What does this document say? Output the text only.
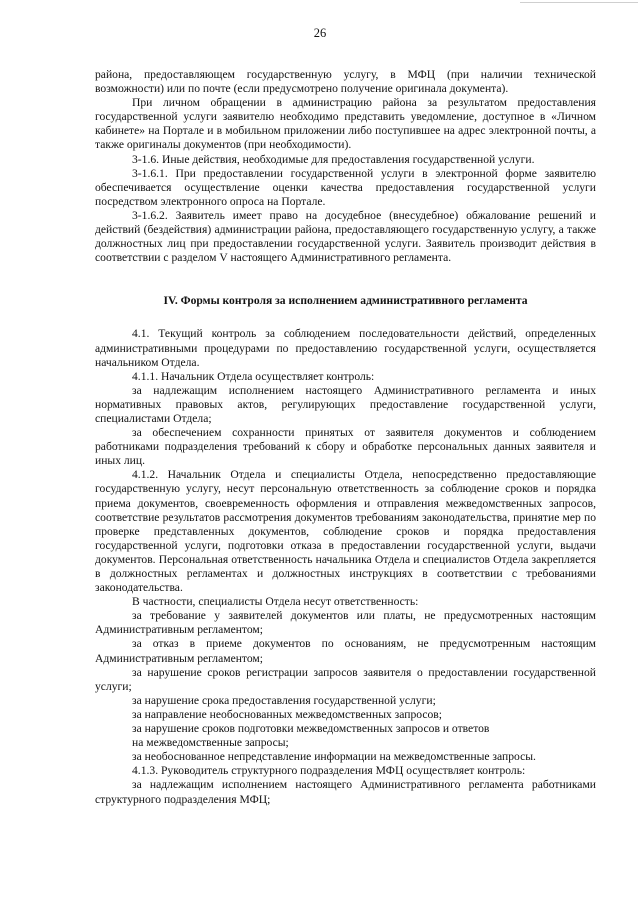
26

района, предоставляющем государственную услугу, в МФЦ (при наличии технической возможности) или по почте (если предусмотрено получение оригинала документа).

При личном обращении в администрацию района за результатом предоставления государственной услуги заявителю необходимо представить уведомление, доступное в «Личном кабинете» на Портале и в мобильном приложении либо поступившее на адрес электронной почты, а также оригиналы документов (при необходимости).

3-1.6. Иные действия, необходимые для предоставления государственной услуги.

3-1.6.1. При предоставлении государственной услуги в электронной форме заявителю обеспечивается осуществление оценки качества предоставления государственной услуги посредством электронного опроса на Портале.

3-1.6.2. Заявитель имеет право на досудебное (внесудебное) обжалование решений и действий (бездействия) администрации района, предоставляющего государственную услугу, а также должностных лиц при предоставлении государственной услуги. Заявитель производит действия в соответствии с разделом V настоящего Административного регламента.

IV. Формы контроля за исполнением административного регламента

4.1. Текущий контроль за соблюдением последовательности действий, определенных административными процедурами по предоставлению государственной услуги, осуществляется начальником Отдела.

4.1.1. Начальник Отдела осуществляет контроль:

за надлежащим исполнением настоящего Административного регламента и иных нормативных правовых актов, регулирующих предоставление государственной услуги, специалистами Отдела;

за обеспечением сохранности принятых от заявителя документов и соблюдением работниками подразделения требований к сбору и обработке персональных данных заявителя и иных лиц.

4.1.2. Начальник Отдела и специалисты Отдела, непосредственно предоставляющие государственную услугу, несут персональную ответственность за соблюдение сроков и порядка приема документов, своевременность оформления и отправления межведомственных запросов, соответствие результатов рассмотрения документов требованиям законодательства, принятие мер по проверке представленных документов, соблюдение сроков и порядка предоставления государственной услуги, подготовки отказа в предоставлении государственной услуги, выдачи документов. Персональная ответственность начальника Отдела и специалистов Отдела закрепляется в должностных регламентах и должностных инструкциях в соответствии с требованиями законодательства.

В частности, специалисты Отдела несут ответственность:

за требование у заявителей документов или платы, не предусмотренных настоящим Административным регламентом;

за отказ в приеме документов по основаниям, не предусмотренным настоящим Административным регламентом;

за нарушение сроков регистрации запросов заявителя о предоставлении государственной услуги;

за нарушение срока предоставления государственной услуги;

за направление необоснованных межведомственных запросов;

за нарушение сроков подготовки межведомственных запросов и ответов

на межведомственные запросы;

за необоснованное непредставление информации на межведомственные запросы.

4.1.3. Руководитель структурного подразделения МФЦ осуществляет контроль:

за надлежащим исполнением настоящего Административного регламента работниками структурного подразделения МФЦ;
